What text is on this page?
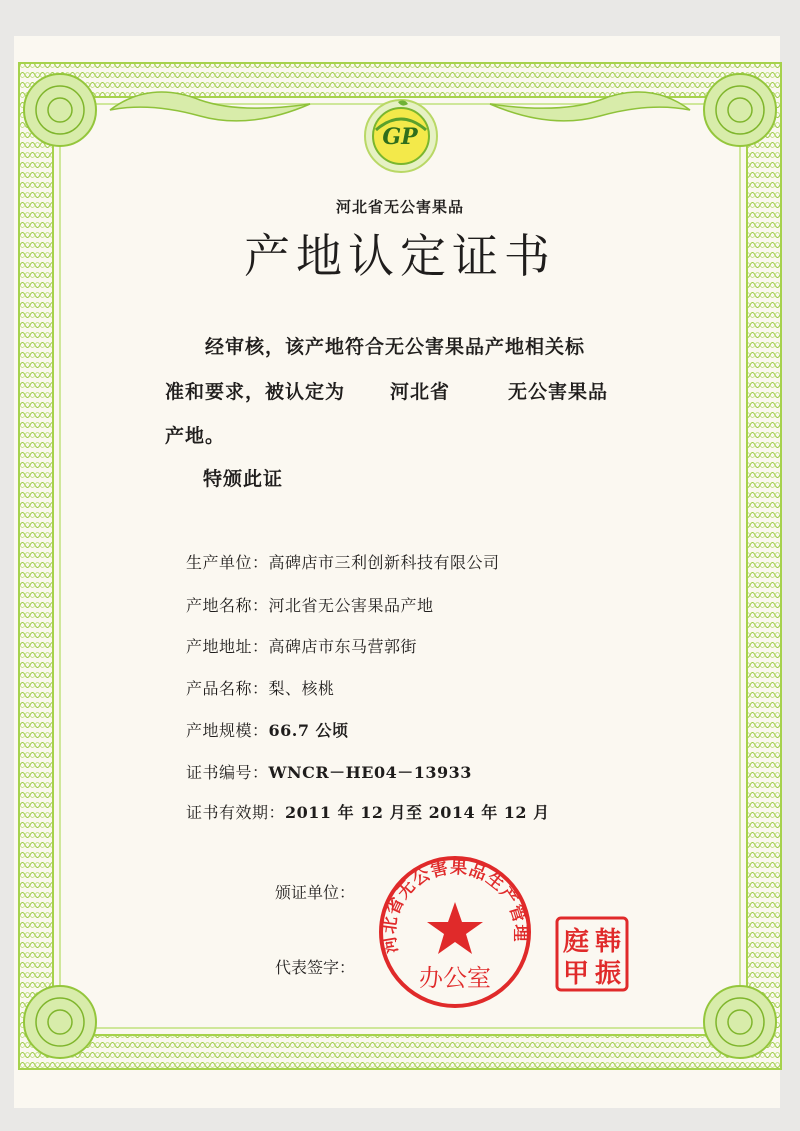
GP
河北省无公害果品
产地认定证书
经审核，该产地符合无公害果品产地相关标
准和要求，被认定为 河北省	无公害果品
产地。
特颁此证
生产单位：高碑店市三利创新科技有限公司
产地名称：河北省无公害果品产地
产地地址：高碑店市东马营郭街
产品名称：梨、核桃
产地规模：66.7 公顷
证书编号：WNCR－HE04－13933
证书有效期：2011 年 12 月至 2014 年 12 月
颁证单位：
代表签字：
河北省无公害果品生产管理
办公室
韩
振
庭
甲
